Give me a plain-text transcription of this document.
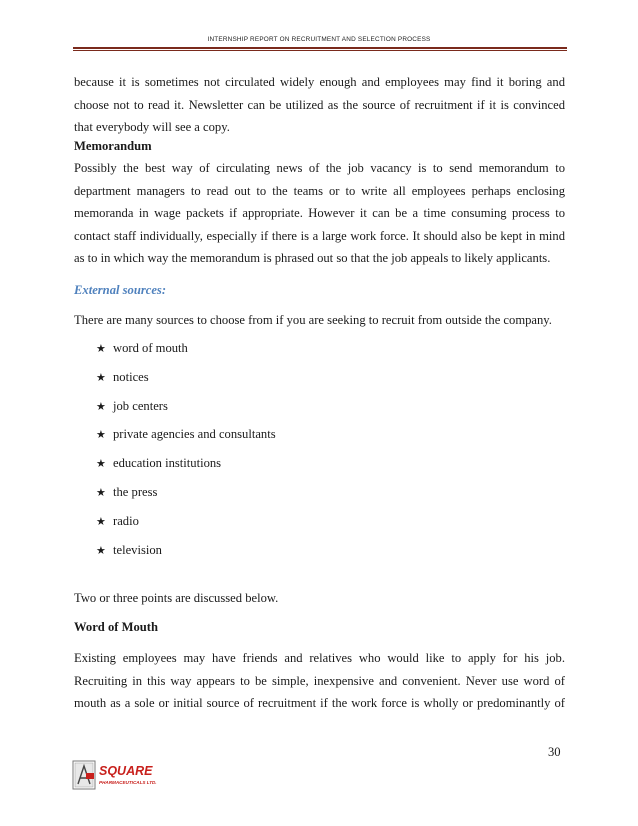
INTERNSHIP REPORT ON RECRUITMENT AND SELECTION PROCESS
because it is sometimes not circulated widely enough and employees may find it boring and
choose not to read it. Newsletter can be utilized as the source of recruitment if it is convinced
that everybody will see a copy.
Memorandum
Possibly the best way of circulating news of the job vacancy is to send memorandum to
department managers to read out to the teams or to write all employees perhaps enclosing
memoranda in wage packets if appropriate. However it can be a time consuming process to
contact staff individually, especially if there is a large work force. It should also be kept in mind
as to in which way the memorandum is phrased out so that the job appeals to likely applicants.
External sources:
There are many sources to choose from if you are seeking to recruit from outside the company.
★ word of mouth
★ notices
★ job centers
★ private agencies and consultants
★ education institutions
★ the press
★ radio
★ television
Two or three points are discussed below.
Word of Mouth
Existing employees may have friends and relatives who would like to apply for his job.
Recruiting in this way appears to be simple, inexpensive and convenient. Never use word of
mouth as a sole or initial source of recruitment if the work force is wholly or predominantly of
30
SQUARE
PHARMACEUTICALS LTD.
